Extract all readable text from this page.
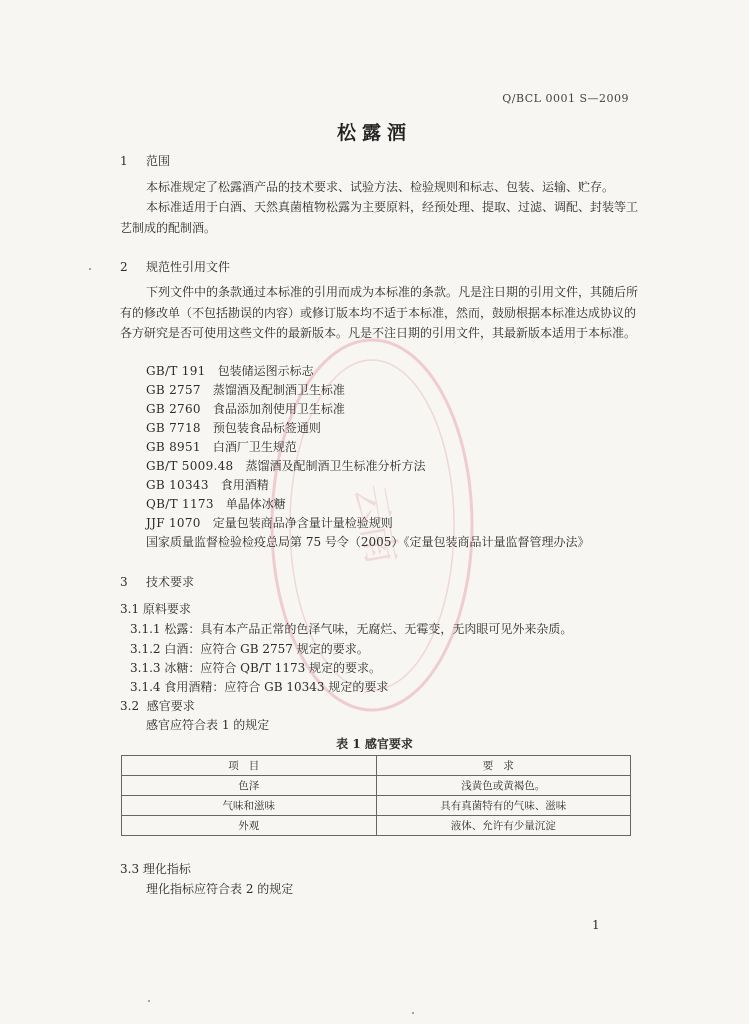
云南
Q/BCL 0001 S—2009
松露酒
1 范围
本标准规定了松露酒产品的技术要求、试验方法、检验规则和标志、包装、运输、贮存。
本标准适用于白酒、天然真菌植物松露为主要原料，经预处理、提取、过滤、调配、封装等工艺制成的配制酒。
2 规范性引用文件
下列文件中的条款通过本标准的引用而成为本标准的条款。凡是注日期的引用文件，其随后所有的修改单（不包括勘误的内容）或修订版本均不适于本标准，然而，鼓励根据本标准达成协议的各方研究是否可使用这些文件的最新版本。凡是不注日期的引用文件，其最新版本适用于本标准。
GB/T 191 包装储运图示标志
GB 2757 蒸馏酒及配制酒卫生标准
GB 2760 食品添加剂使用卫生标准
GB 7718 预包装食品标签通则
GB 8951 白酒厂卫生规范
GB/T 5009.48 蒸馏酒及配制酒卫生标准分析方法
GB 10343 食用酒精
QB/T 1173 单晶体冰糖
JJF 1070 定量包装商品净含量计量检验规则
国家质量监督检验检疫总局第 75 号令（2005）《定量包装商品计量监督管理办法》
3 技术要求
3.1 原料要求
3.1.1 松露：具有本产品正常的色泽气味，无腐烂、无霉变，无肉眼可见外来杂质。
3.1.2 白酒：应符合 GB 2757 规定的要求。
3.1.3 冰糖：应符合 QB/T 1173 规定的要求。
3.1.4 食用酒精：应符合 GB 10343 规定的要求
3.2 感官要求
感官应符合表 1 的规定
表 1 感官要求
项目	要求
色泽	浅黄色或黄褐色。
气味和滋味	具有真菌特有的气味、滋味
外观	液体、允许有少量沉淀
3.3 理化指标
理化指标应符合表 2 的规定
1
